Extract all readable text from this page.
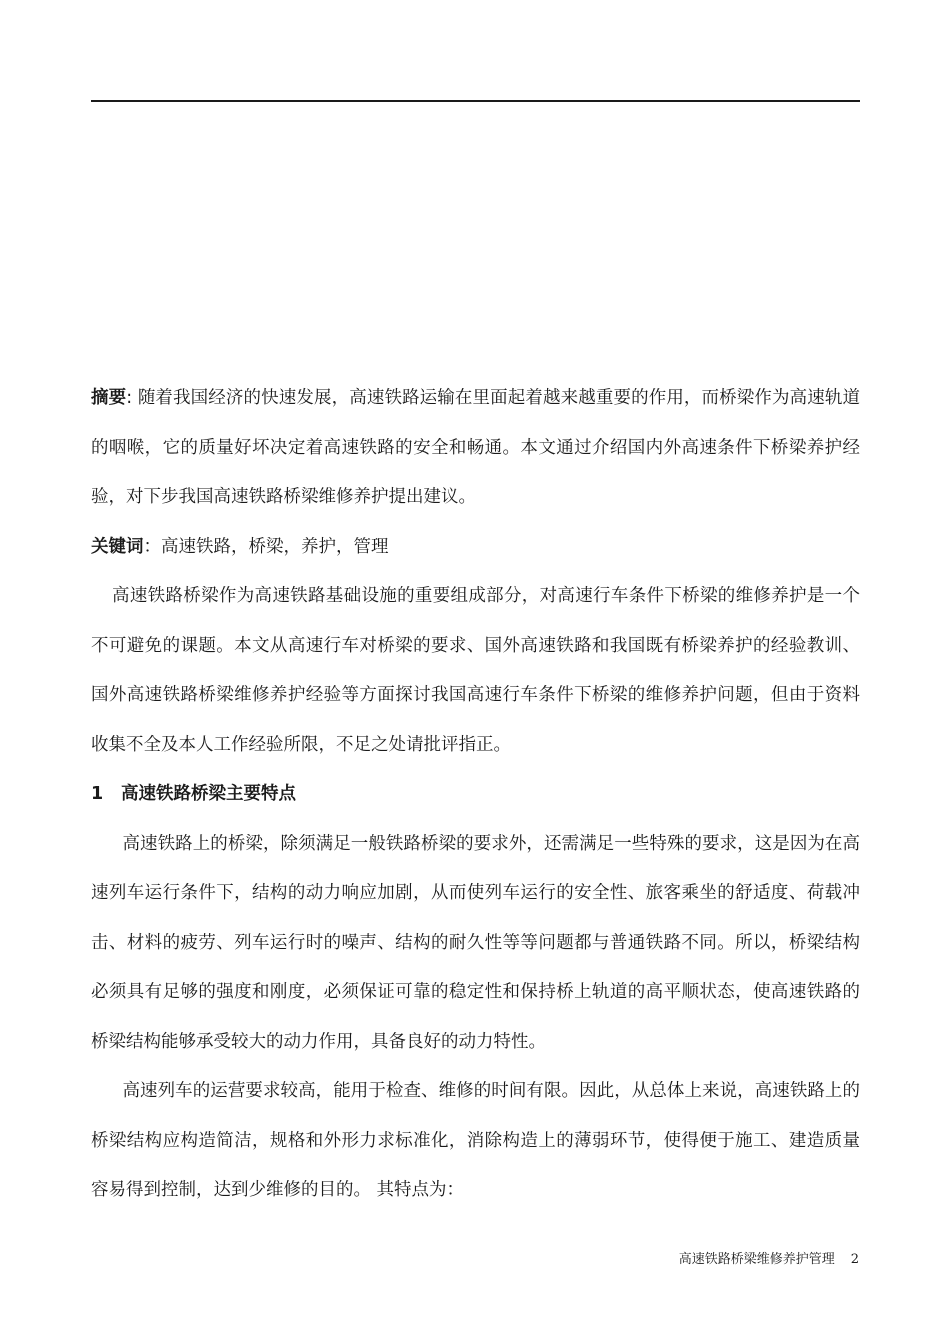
摘要: 随着我国经济的快速发展，高速铁路运输在里面起着越来越重要的作用，而桥梁作为高速轨道的咽喉，它的质量好坏决定着高速铁路的安全和畅通。本文通过介绍国内外高速条件下桥梁养护经验，对下步我国高速铁路桥梁维修养护提出建议。

关键词：高速铁路，桥梁，养护，管理

高速铁路桥梁作为高速铁路基础设施的重要组成部分，对高速行车条件下桥梁的维修养护是一个不可避免的课题。本文从高速行车对桥梁的要求、国外高速铁路和我国既有桥梁养护的经验教训、国外高速铁路桥梁维修养护经验等方面探讨我国高速行车条件下桥梁的维修养护问题，但由于资料收集不全及本人工作经验所限，不足之处请批评指正。

1 高速铁路桥梁主要特点

高速铁路上的桥梁，除须满足一般铁路桥梁的要求外，还需满足一些特殊的要求，这是因为在高速列车运行条件下，结构的动力响应加剧，从而使列车运行的安全性、旅客乘坐的舒适度、荷载冲击、材料的疲劳、列车运行时的噪声、结构的耐久性等等问题都与普通铁路不同。所以，桥梁结构必须具有足够的强度和刚度，必须保证可靠的稳定性和保持桥上轨道的高平顺状态，使高速铁路的桥梁结构能够承受较大的动力作用，具备良好的动力特性。

高速列车的运营要求较高，能用于检查、维修的时间有限。因此，从总体上来说，高速铁路上的桥梁结构应构造简洁，规格和外形力求标准化，消除构造上的薄弱环节，使得便于施工、建造质量容易得到控制，达到少维修的目的。 其特点为：

高速铁路桥梁维修养护管理 2
